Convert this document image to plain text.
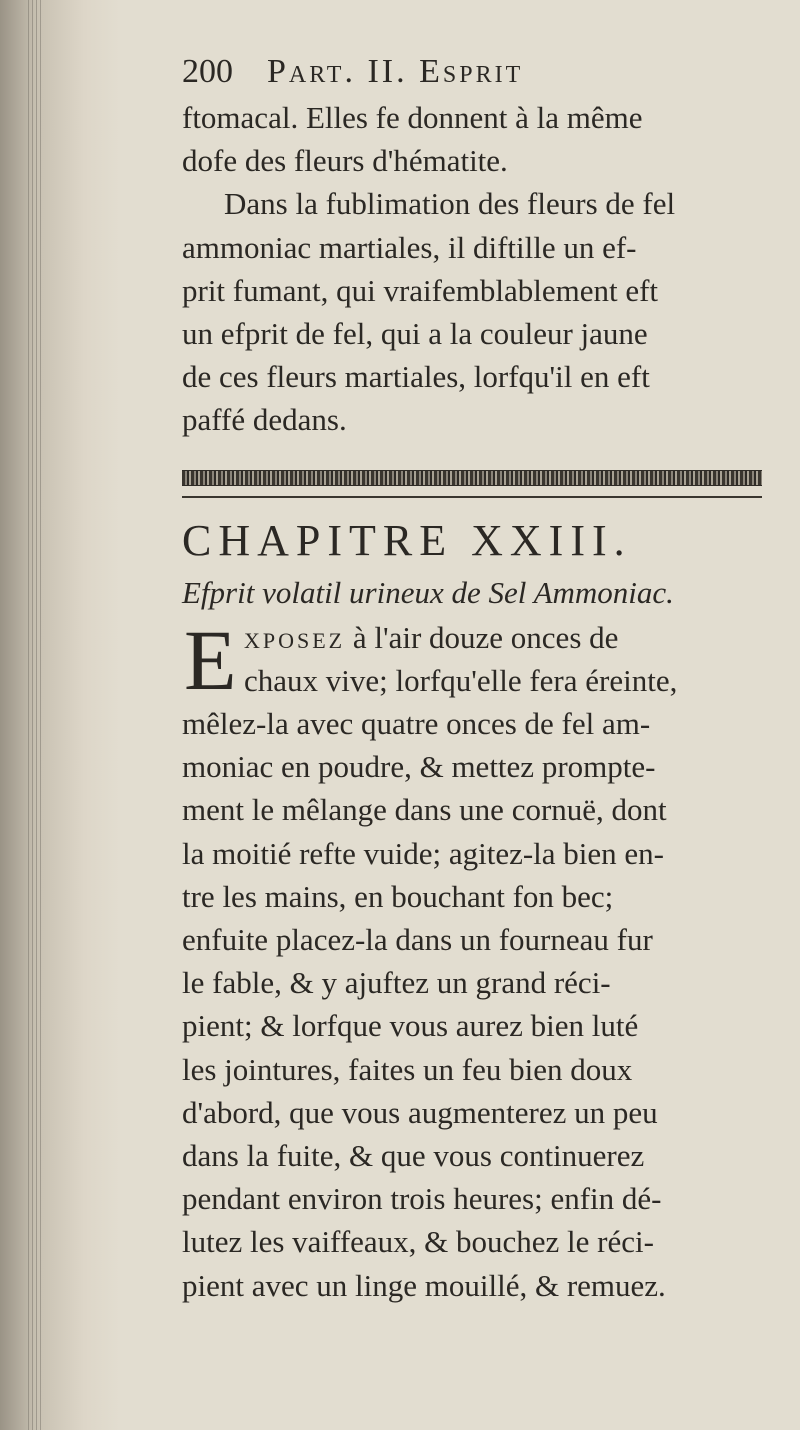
200 Part. II. Esprit
ftomacal. Elles fe donnent à la même
dofe des fleurs d'hématite.
Dans la fublimation des fleurs de fel
ammoniac martiales, il diftille un ef-
prit fumant, qui vraifemblablement eft
un efprit de fel, qui a la couleur jaune
de ces fleurs martiales, lorfqu'il en eft
paffé dedans.
CHAPITRE XXIII.
Efprit volatil urineux de Sel Ammoniac.
E xposez à l'air douze onces de
chaux vive; lorfqu'elle fera éreinte,
mêlez-la avec quatre onces de fel am-
moniac en poudre, & mettez prompte-
ment le mêlange dans une cornuë, dont
la moitié refte vuide; agitez-la bien en-
tre les mains, en bouchant fon bec;
enfuite placez-la dans un fourneau fur
le fable, & y ajuftez un grand réci-
pient; & lorfque vous aurez bien luté
les jointures, faites un feu bien doux
d'abord, que vous augmenterez un peu
dans la fuite, & que vous continuerez
pendant environ trois heures; enfin dé-
lutez les vaiffeaux, & bouchez le réci-
pient avec un linge mouillé, & remuez.
